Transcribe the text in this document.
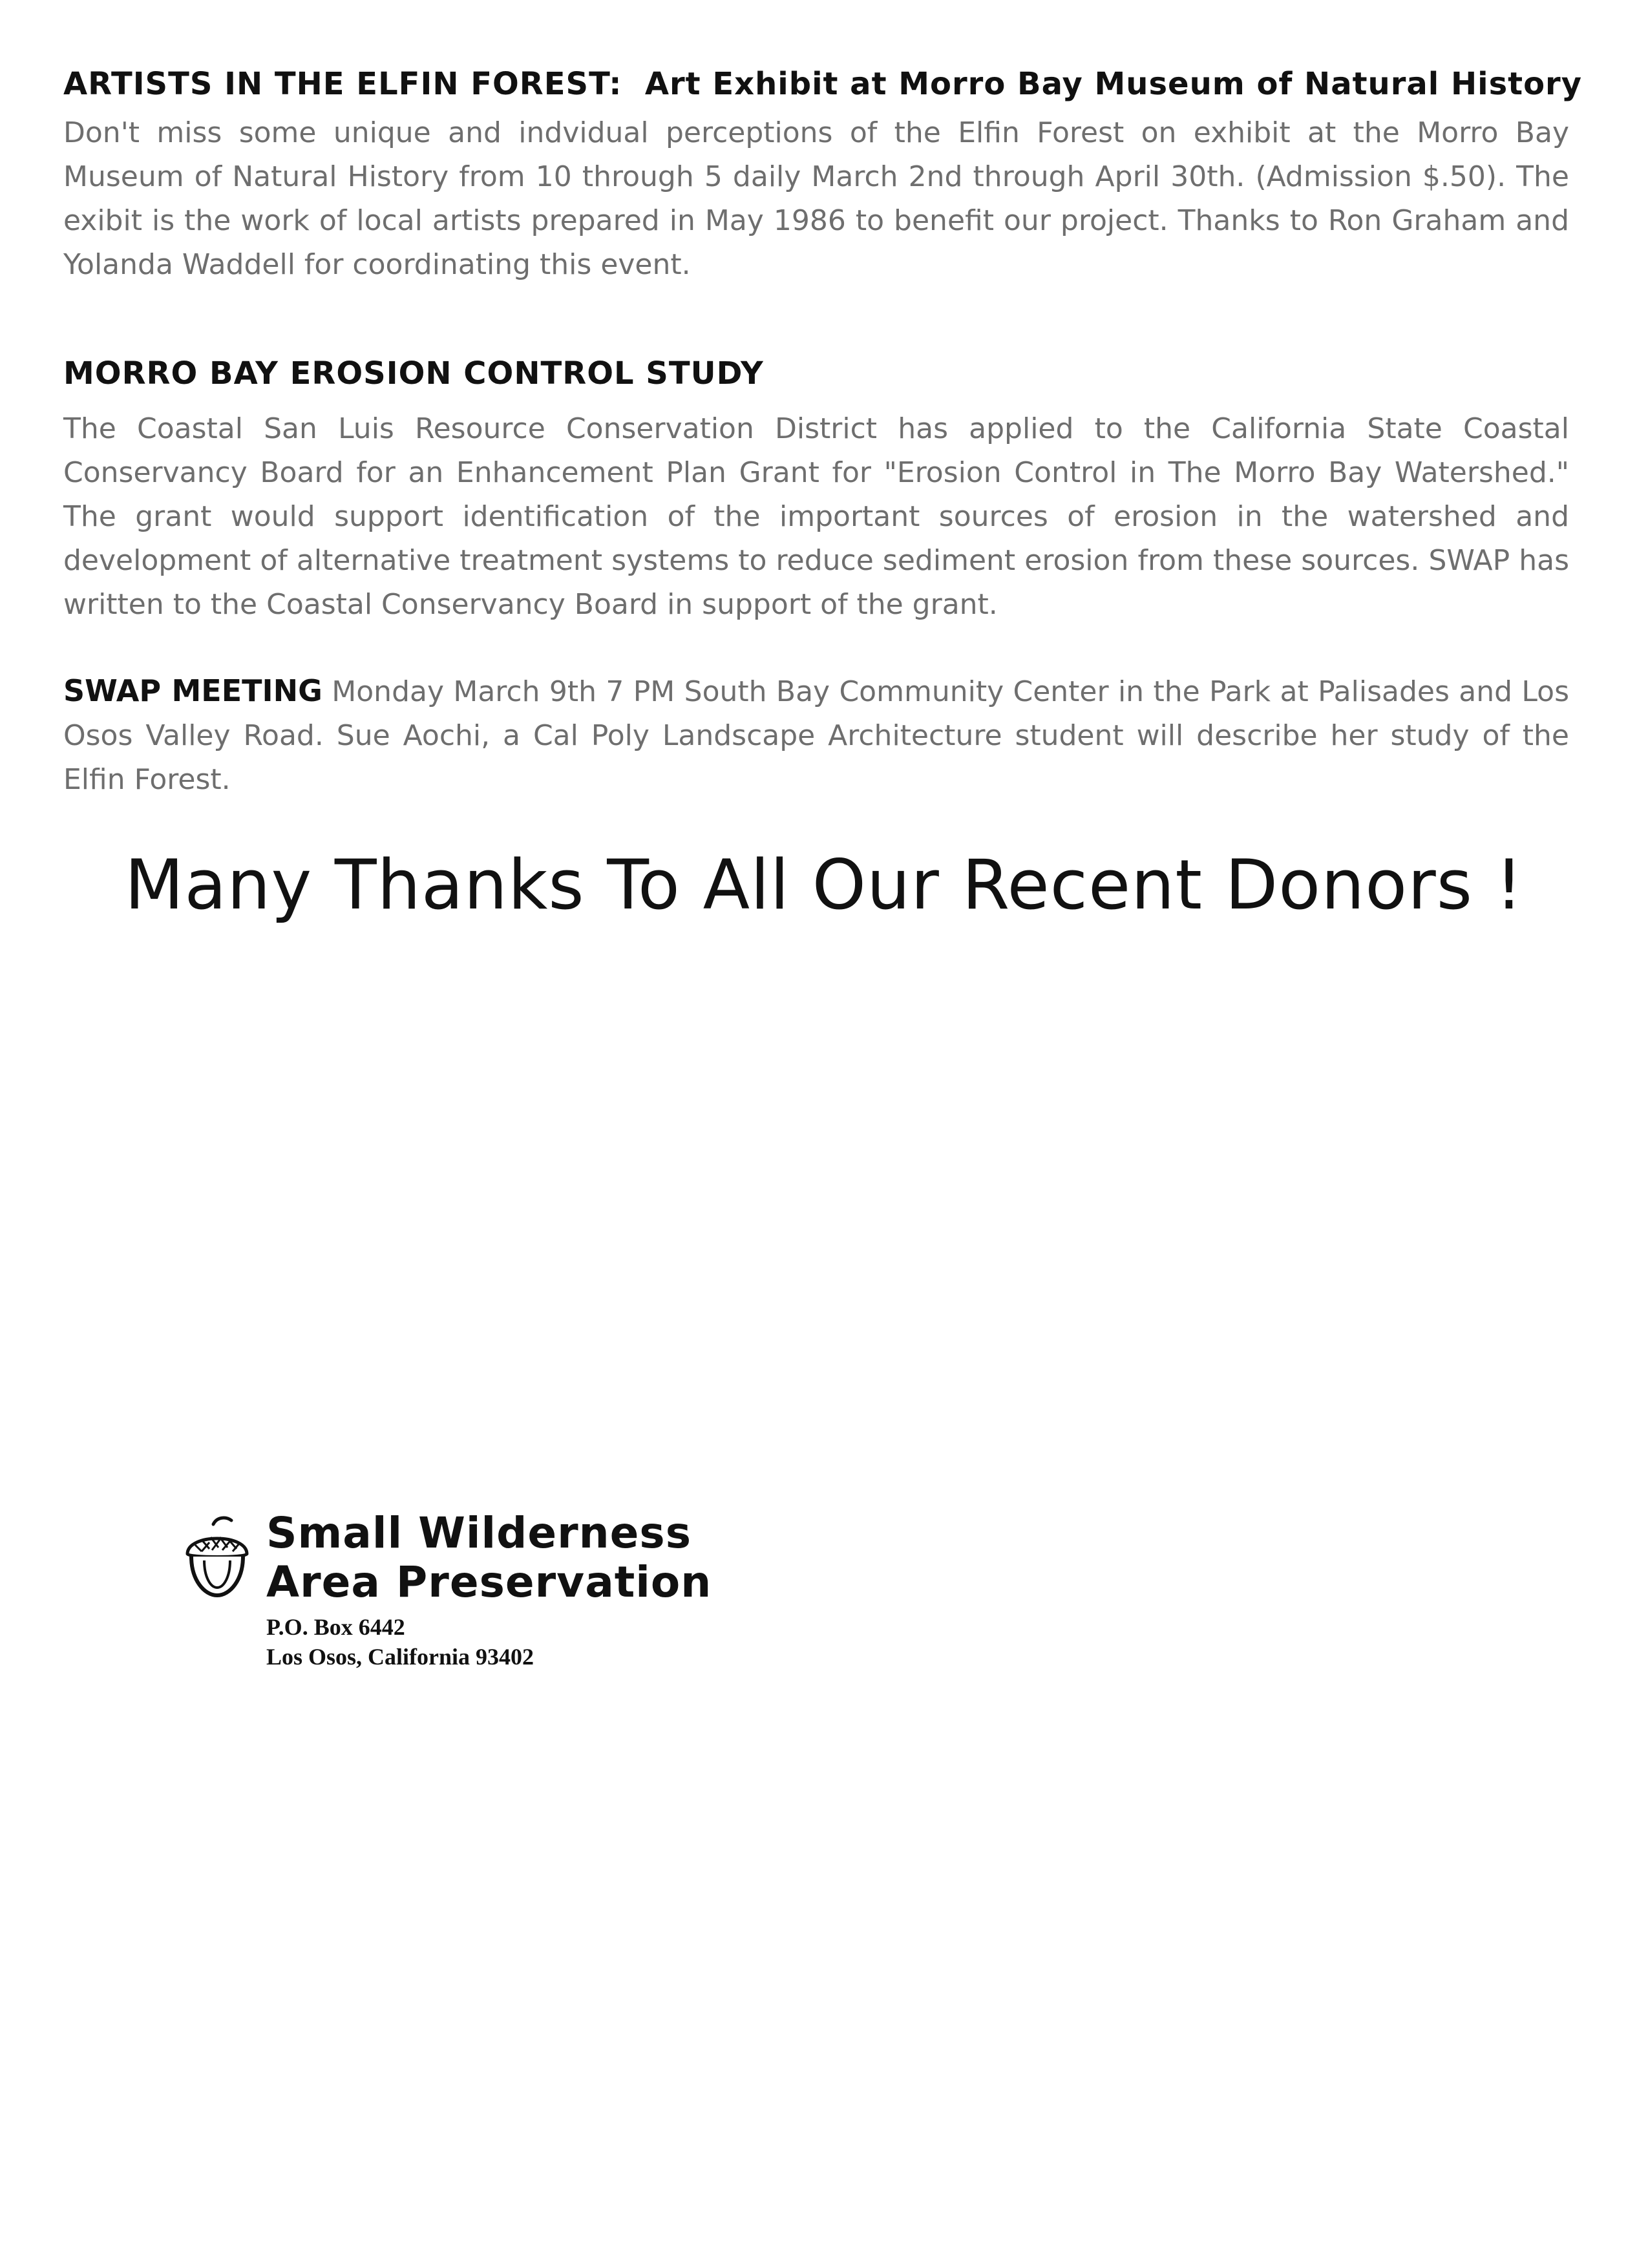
ARTISTS IN THE ELFIN FOREST: Art Exhibit at Morro Bay Museum of Natural History
Don't miss some unique and indvidual perceptions of the Elfin Forest on exhibit at the Morro Bay Museum of Natural History from 10 through 5 daily March 2nd through April 30th. (Admission $.50). The exibit is the work of local artists prepared in May 1986 to benefit our project. Thanks to Ron Graham and Yolanda Waddell for coordinating this event.
MORRO BAY EROSION CONTROL STUDY
The Coastal San Luis Resource Conservation District has applied to the California State Coastal Conservancy Board for an Enhancement Plan Grant for "Erosion Control in The Morro Bay Watershed." The grant would support identification of the important sources of erosion in the watershed and development of alternative treatment systems to reduce sediment erosion from these sources. SWAP has written to the Coastal Conservancy Board in support of the grant.
SWAP MEETING Monday March 9th 7 PM South Bay Community Center in the Park at Palisades and Los Osos Valley Road. Sue Aochi, a Cal Poly Landscape Architecture student will describe her study of the Elfin Forest.
Many Thanks To All Our Recent Donors !
Small Wilderness
Area Preservation
P.O. Box 6442
Los Osos, California 93402
